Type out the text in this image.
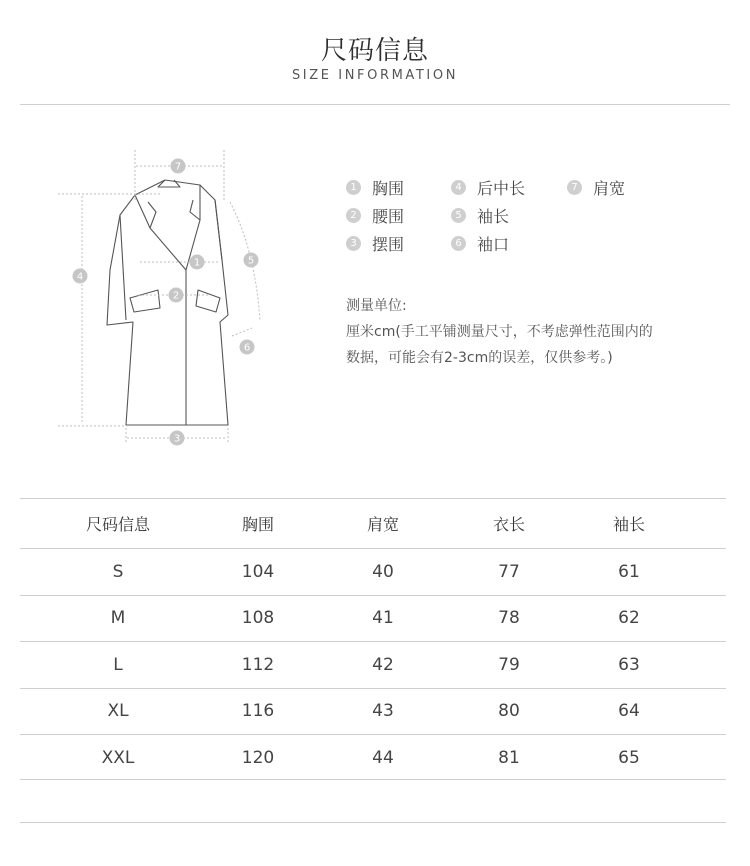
尺码信息
SIZE INFORMATION
7
4
1
2
5
6
3
1 胸围
2 腰围
3 摆围
4 后中长
5 袖长
6 袖口
7 肩宽
测量单位:
厘米cm(手工平铺测量尺寸，不考虑弹性范围内的
数据，可能会有2-3cm的误差，仅供参考。)
尺码信息	胸围	肩宽	衣长	袖长
S	104	40	77	61
M	108	41	78	62
L	112	42	79	63
XL	116	43	80	64
XXL	120	44	81	65
